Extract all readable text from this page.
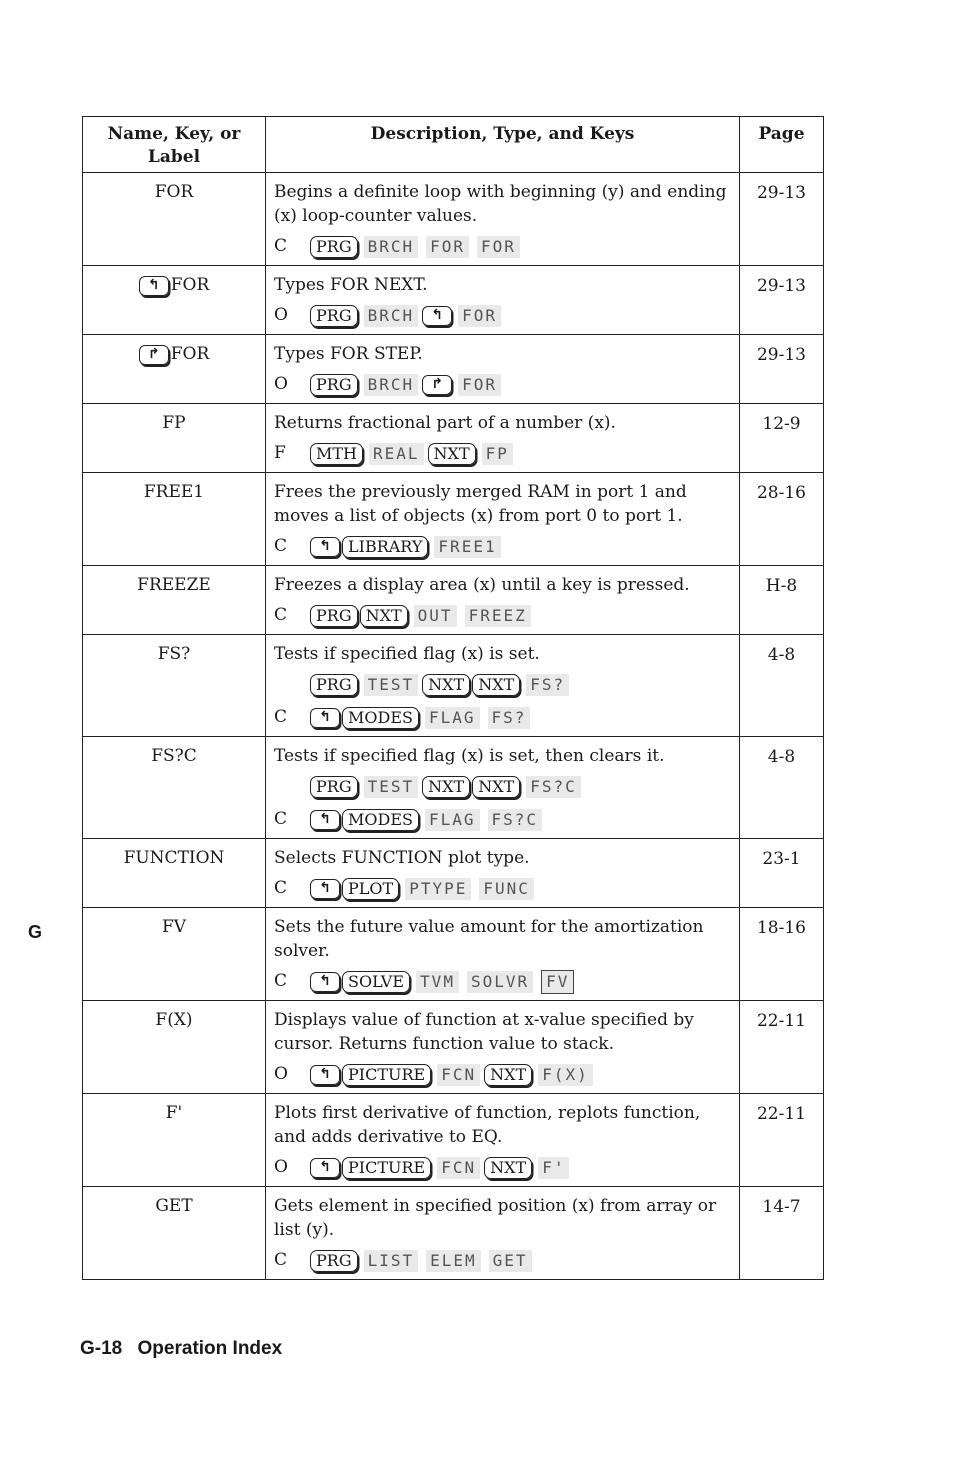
Name, Key, or Label	Description, Type, and Keys	Page
FOR	Begins a definite loop with beginning (y) and ending (x) loop-counter values.
C PRG BRCH FOR FOR	29-13
↰ FOR	Types FOR NEXT.
O PRG BRCH ↰ FOR	29-13
↱ FOR	Types FOR STEP.
O PRG BRCH ↱ FOR	29-13
FP	Returns fractional part of a number (x).
F MTH REAL NXT FP	12-9
FREE1	Frees the previously merged RAM in port 1 and moves a list of objects (x) from port 0 to port 1.
C ↰ LIBRARY FREE1	28-16
FREEZE	Freezes a display area (x) until a key is pressed.
C PRG NXT OUT FREEZ	H-8
FS?	Tests if specified flag (x) is set.
PRG TEST NXT NXT FS?
C ↰ MODES FLAG FS?	4-8
FS?C	Tests if specified flag (x) is set, then clears it.
PRG TEST NXT NXT FS?C
C ↰ MODES FLAG FS?C	4-8
FUNCTION	Selects FUNCTION plot type.
C ↰ PLOT PTYPE FUNC	23-1
FV	Sets the future value amount for the amortization solver.
C ↰ SOLVE TVM SOLVR FV	18-16
F(X)	Displays value of function at x-value specified by cursor. Returns function value to stack.
O ↰ PICTURE FCN NXT F(X)	22-11
F'	Plots first derivative of function, replots function, and adds derivative to EQ.
O ↰ PICTURE FCN NXT F'	22-11
GET	Gets element in specified position (x) from array or list (y).
C PRG LIST ELEM GET	14-7
G
G-18 Operation Index
